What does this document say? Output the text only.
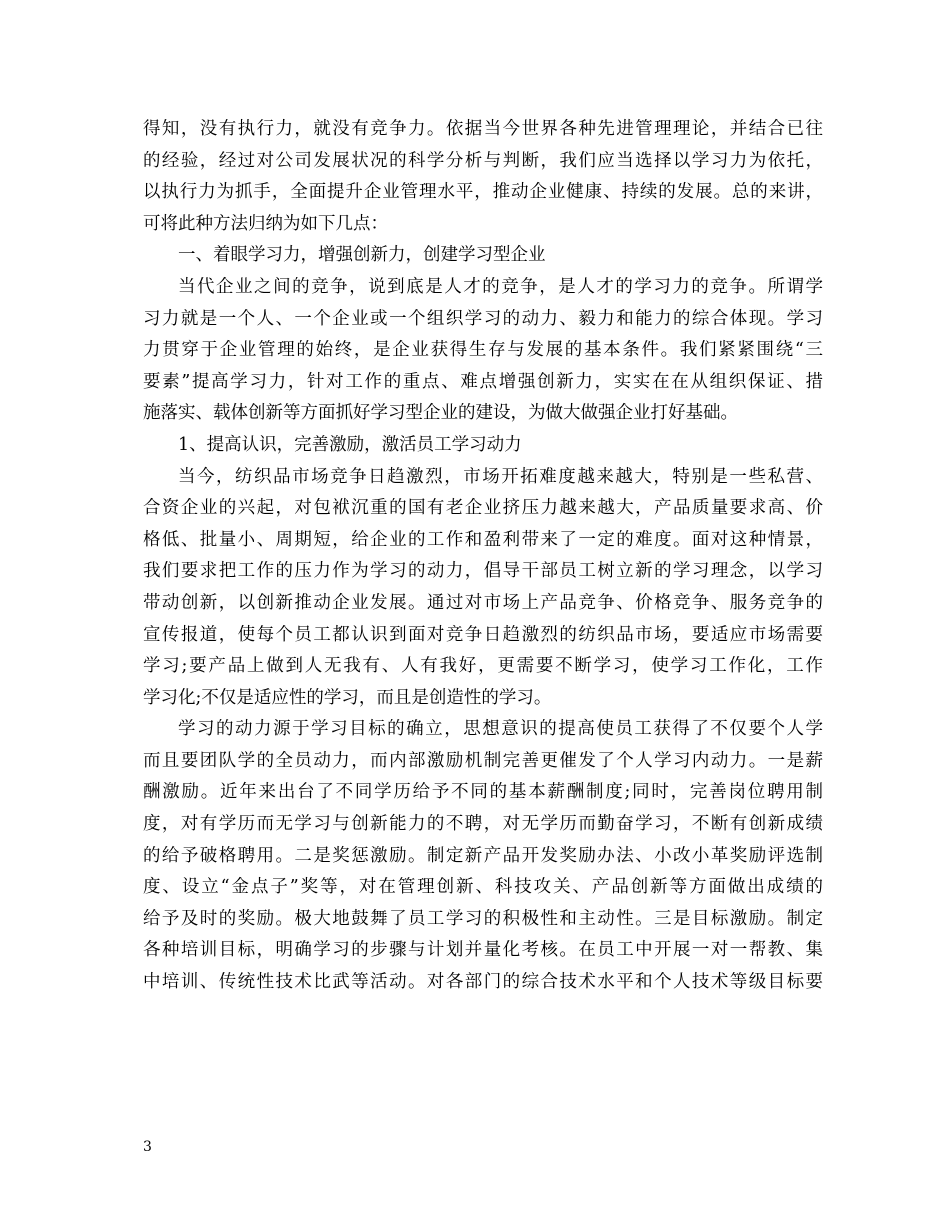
得知，没有执行力，就没有竞争力。依据当今世界各种先进管理理论，并结合已往
的经验，经过对公司发展状况的科学分析与判断，我们应当选择以学习力为依托，
以执行力为抓手，全面提升企业管理水平，推动企业健康、持续的发展。总的来讲，
可将此种方法归纳为如下几点：
一、着眼学习力，增强创新力，创建学习型企业
当代企业之间的竞争，说到底是人才的竞争，是人才的学习力的竞争。所谓学
习力就是一个人、一个企业或一个组织学习的动力、毅力和能力的综合体现。学习
力贯穿于企业管理的始终，是企业获得生存与发展的基本条件。我们紧紧围绕“三
要素”提高学习力，针对工作的重点、难点增强创新力，实实在在从组织保证、措
施落实、载体创新等方面抓好学习型企业的建设，为做大做强企业打好基础。
1、提高认识，完善激励，激活员工学习动力
当今，纺织品市场竞争日趋激烈，市场开拓难度越来越大，特别是一些私营、
合资企业的兴起，对包袱沉重的国有老企业挤压力越来越大，产品质量要求高、价
格低、批量小、周期短，给企业的工作和盈利带来了一定的难度。面对这种情景，
我们要求把工作的压力作为学习的动力，倡导干部员工树立新的学习理念，以学习
带动创新，以创新推动企业发展。通过对市场上产品竞争、价格竞争、服务竞争的
宣传报道，使每个员工都认识到面对竞争日趋激烈的纺织品市场，要适应市场需要
学习;要产品上做到人无我有、人有我好，更需要不断学习，使学习工作化，工作
学习化;不仅是适应性的学习，而且是创造性的学习。
学习的动力源于学习目标的确立，思想意识的提高使员工获得了不仅要个人学
而且要团队学的全员动力，而内部激励机制完善更催发了个人学习内动力。一是薪
酬激励。近年来出台了不同学历给予不同的基本薪酬制度;同时，完善岗位聘用制
度，对有学历而无学习与创新能力的不聘，对无学历而勤奋学习，不断有创新成绩
的给予破格聘用。二是奖惩激励。制定新产品开发奖励办法、小改小革奖励评选制
度、设立“金点子”奖等，对在管理创新、科技攻关、产品创新等方面做出成绩的
给予及时的奖励。极大地鼓舞了员工学习的积极性和主动性。三是目标激励。制定
各种培训目标，明确学习的步骤与计划并量化考核。在员工中开展一对一帮教、集
中培训、传统性技术比武等活动。对各部门的综合技术水平和个人技术等级目标要
3
